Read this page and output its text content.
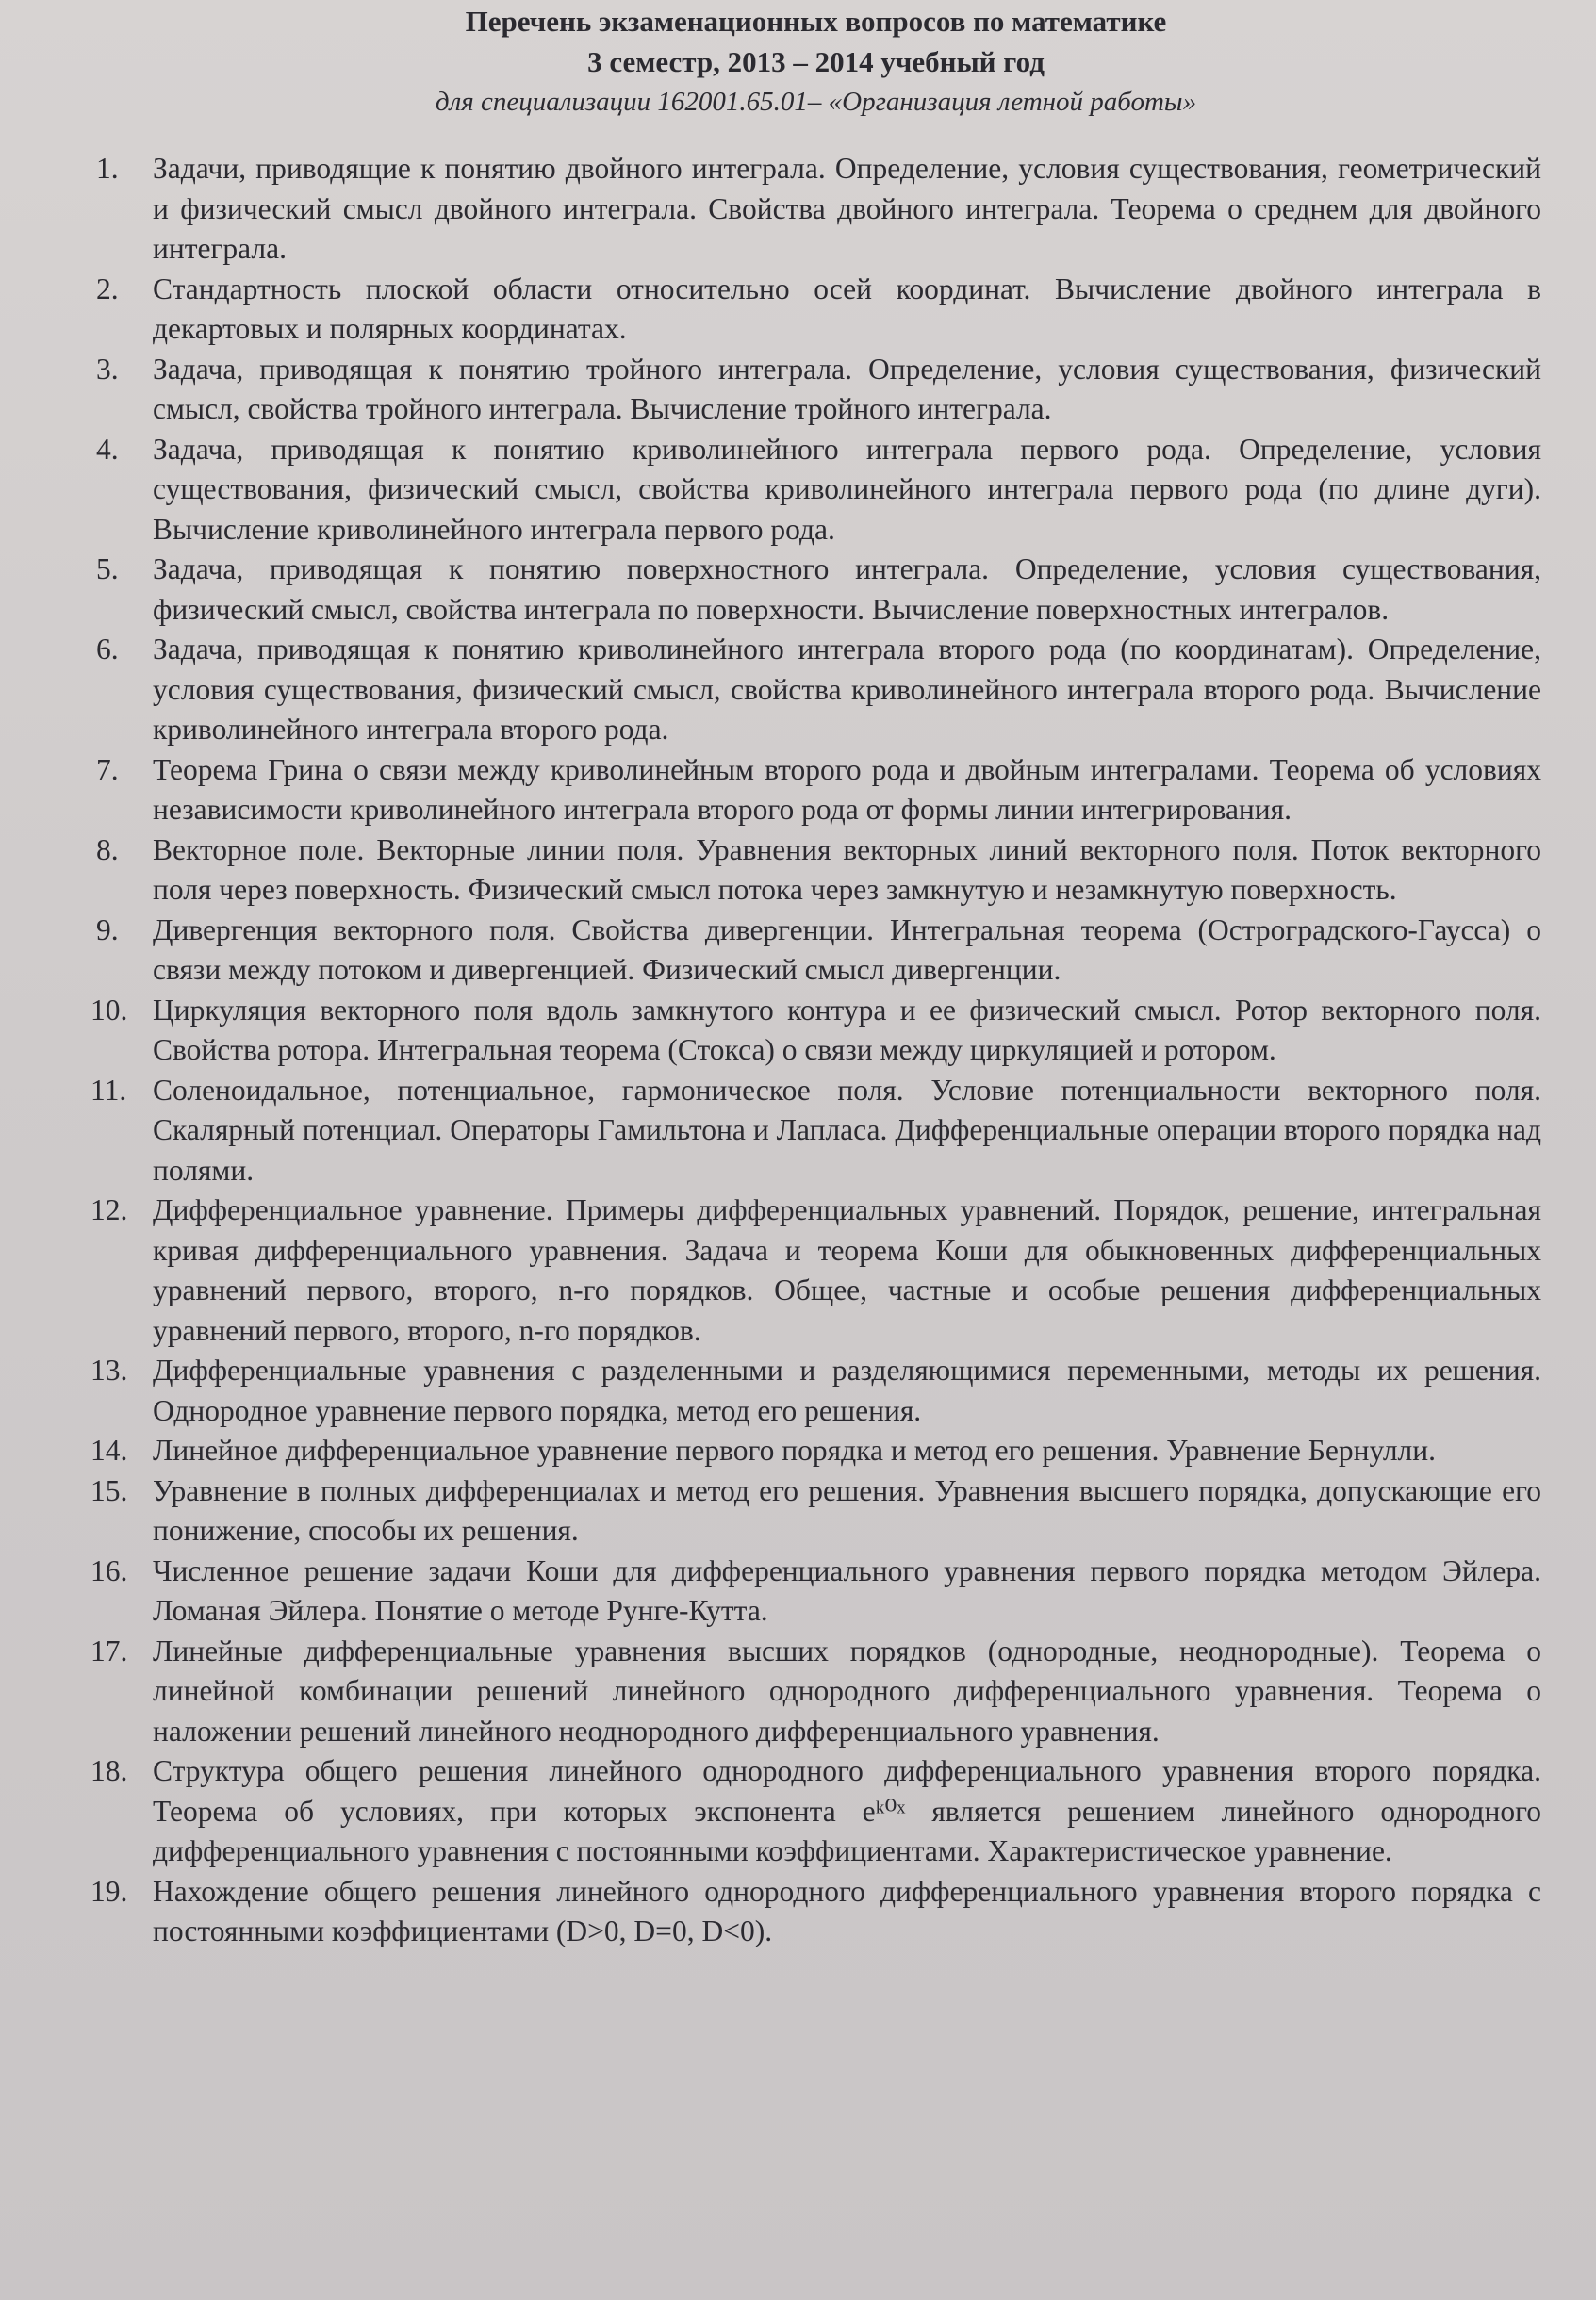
Перечень экзаменационных вопросов по математике

3 семестр, 2013 – 2014 учебный год

для специализации 162001.65.01– «Организация летной работы»

1. Задачи, приводящие к понятию двойного интеграла. Определение, условия существования, геометрический и физический смысл двойного интеграла. Свойства двойного интеграла. Теорема о среднем для двойного интеграла.
2. Стандартность плоской области относительно осей координат. Вычисление двойного интеграла в декартовых и полярных координатах.
3. Задача, приводящая к понятию тройного интеграла. Определение, условия существования, физический смысл, свойства тройного интеграла. Вычисление тройного интеграла.
4. Задача, приводящая к понятию криволинейного интеграла первого рода. Определение, условия существования, физический смысл, свойства криволинейного интеграла первого рода (по длине дуги). Вычисление криволинейного интеграла первого рода.
5. Задача, приводящая к понятию поверхностного интеграла. Определение, условия существования, физический смысл, свойства интеграла по поверхности. Вычисление поверхностных интегралов.
6. Задача, приводящая к понятию криволинейного интеграла второго рода (по координатам). Определение, условия существования, физический смысл, свойства криволинейного интеграла второго рода. Вычисление криволинейного интеграла второго рода.
7. Теорема Грина о связи между криволинейным второго рода и двойным интегралами. Теорема об условиях независимости криволинейного интеграла второго рода от формы линии интегрирования.
8. Векторное поле. Векторные линии поля. Уравнения векторных линий векторного поля. Поток векторного поля через поверхность. Физический смысл потока через замкнутую и незамкнутую поверхность.
9. Дивергенция векторного поля. Свойства дивергенции. Интегральная теорема (Остроградского-Гаусса) о связи между потоком и дивергенцией. Физический смысл дивергенции.
10. Циркуляция векторного поля вдоль замкнутого контура и ее физический смысл. Ротор векторного поля. Свойства ротора. Интегральная теорема (Стокса) о связи между циркуляцией и ротором.
11. Соленоидальное, потенциальное, гармоническое поля. Условие потенциальности векторного поля. Скалярный потенциал. Операторы Гамильтона и Лапласа. Дифференциальные операции второго порядка над полями.
12. Дифференциальное уравнение. Примеры дифференциальных уравнений. Порядок, решение, интегральная кривая дифференциального уравнения. Задача и теорема Коши для обыкновенных дифференциальных уравнений первого, второго, n-го порядков. Общее, частные и особые решения дифференциальных уравнений первого, второго, n-го порядков.
13. Дифференциальные уравнения с разделенными и разделяющимися переменными, методы их решения. Однородное уравнение первого порядка, метод его решения.
14. Линейное дифференциальное уравнение первого порядка и метод его решения. Уравнение Бернулли.
15. Уравнение в полных дифференциалах и метод его решения. Уравнения высшего порядка, допускающие его понижение, способы их решения.
16. Численное решение задачи Коши для дифференциального уравнения первого порядка методом Эйлера. Ломаная Эйлера. Понятие о методе Рунге-Кутта.
17. Линейные дифференциальные уравнения высших порядков (однородные, неоднородные). Теорема о линейной комбинации решений линейного однородного дифференциального уравнения. Теорема о наложении решений линейного неоднородного дифференциального уравнения.
18. Структура общего решения линейного однородного дифференциального уравнения второго порядка. Теорема об условиях, при которых экспонента eᵏ⁰ˣ является решением линейного однородного дифференциального уравнения с постоянными коэффициентами. Характеристическое уравнение.
19. Нахождение общего решения линейного однородного дифференциального уравнения второго порядка с постоянными коэффициентами (D>0, D=0, D<0).
